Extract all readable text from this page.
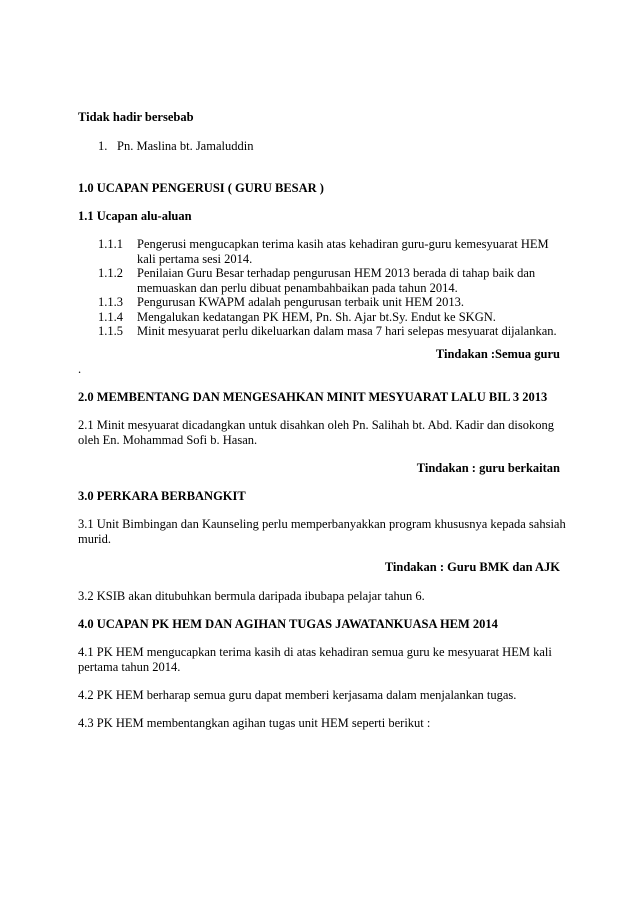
Tidak hadir bersebab
1. Pn. Maslina bt. Jamaluddin
1.0 UCAPAN PENGERUSI ( GURU BESAR )
1.1 Ucapan alu-aluan
1.1.1 Pengerusi mengucapkan terima kasih atas kehadiran guru-guru kemesyuarat HEM kali pertama sesi 2014.
1.1.2 Penilaian Guru Besar terhadap pengurusan HEM 2013 berada di tahap baik dan memuaskan dan perlu dibuat penambahbaikan pada tahun 2014.
1.1.3 Pengurusan KWAPM adalah pengurusan terbaik unit HEM 2013.
1.1.4 Mengalukan kedatangan PK HEM, Pn. Sh. Ajar bt.Sy. Endut ke SKGN.
1.1.5 Minit mesyuarat perlu dikeluarkan dalam masa 7 hari selepas mesyuarat dijalankan.
Tindakan :Semua guru
.
2.0 MEMBENTANG DAN MENGESAHKAN MINIT MESYUARAT LALU BIL 3 2013
2.1 Minit mesyuarat dicadangkan untuk disahkan oleh Pn. Salihah bt. Abd. Kadir dan disokong oleh En. Mohammad Sofi b. Hasan.
Tindakan : guru berkaitan
3.0 PERKARA BERBANGKIT
3.1 Unit Bimbingan dan Kaunseling perlu memperbanyakkan program khususnya kepada sahsiah murid.
Tindakan : Guru BMK dan AJK
3.2 KSIB akan ditubuhkan bermula daripada ibubapa pelajar tahun 6.
4.0 UCAPAN PK HEM DAN AGIHAN TUGAS JAWATANKUASA HEM 2014
4.1 PK HEM mengucapkan terima kasih di atas kehadiran semua guru ke mesyuarat HEM kali pertama tahun 2014.
4.2 PK HEM berharap semua guru dapat memberi kerjasama dalam menjalankan tugas.
4.3 PK HEM membentangkan agihan tugas unit HEM seperti berikut :
